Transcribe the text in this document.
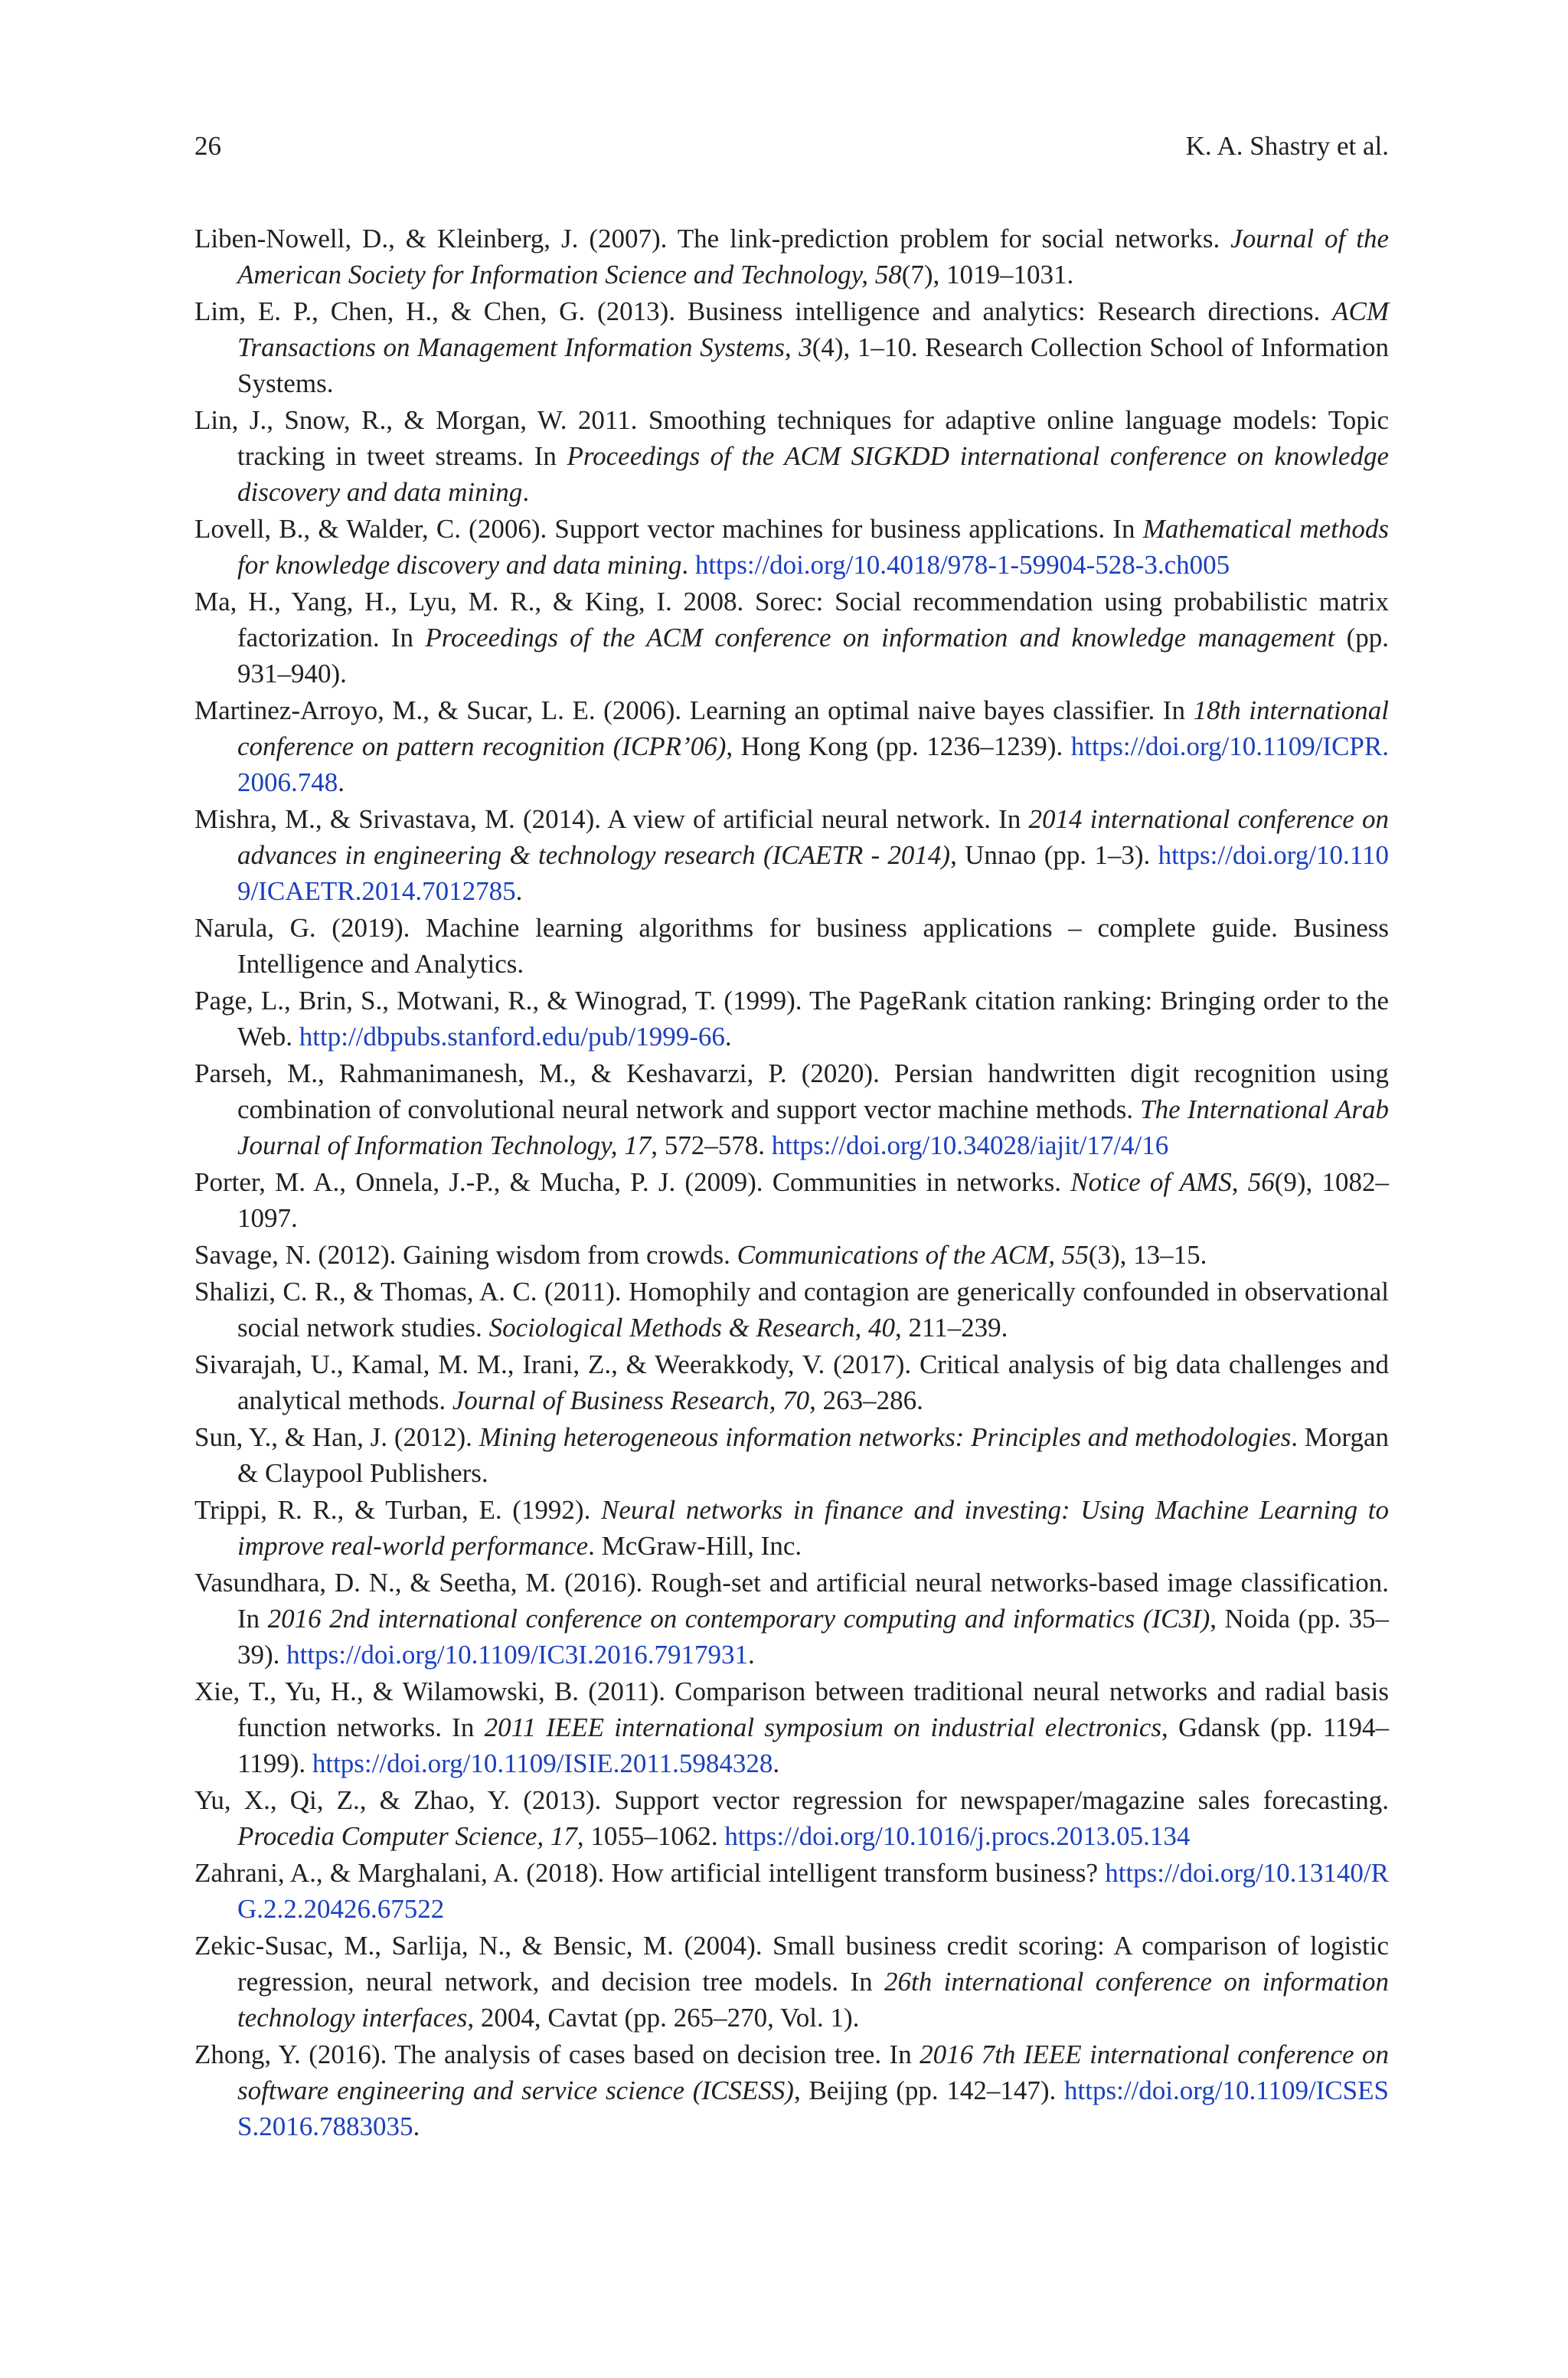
26	K. A. Shastry et al.

Liben-Nowell, D., & Kleinberg, J. (2007). The link-prediction problem for social networks. Journal of the American Society for Information Science and Technology, 58(7), 1019–1031.

Lim, E. P., Chen, H., & Chen, G. (2013). Business intelligence and analytics: Research directions. ACM Transactions on Management Information Systems, 3(4), 1–10. Research Collection School of Information Systems.

Lin, J., Snow, R., & Morgan, W. 2011. Smoothing techniques for adaptive online language models: Topic tracking in tweet streams. In Proceedings of the ACM SIGKDD international conference on knowledge discovery and data mining.

Lovell, B., & Walder, C. (2006). Support vector machines for business applications. In Mathematical methods for knowledge discovery and data mining. https://doi.org/10.4018/978-1-59904-528-3.ch005

Ma, H., Yang, H., Lyu, M. R., & King, I. 2008. Sorec: Social recommendation using probabilistic matrix factorization. In Proceedings of the ACM conference on information and knowledge management (pp. 931–940).

Martinez-Arroyo, M., & Sucar, L. E. (2006). Learning an optimal naive bayes classifier. In 18th international conference on pattern recognition (ICPR’06), Hong Kong (pp. 1236–1239). https://doi.org/10.1109/ICPR.2006.748.

Mishra, M., & Srivastava, M. (2014). A view of artificial neural network. In 2014 international conference on advances in engineering & technology research (ICAETR - 2014), Unnao (pp. 1–3). https://doi.org/10.1109/ICAETR.2014.7012785.

Narula, G. (2019). Machine learning algorithms for business applications – complete guide. Business Intelligence and Analytics.

Page, L., Brin, S., Motwani, R., & Winograd, T. (1999). The PageRank citation ranking: Bringing order to the Web. http://dbpubs.stanford.edu/pub/1999-66.

Parseh, M., Rahmanimanesh, M., & Keshavarzi, P. (2020). Persian handwritten digit recognition using combination of convolutional neural network and support vector machine methods. The International Arab Journal of Information Technology, 17, 572–578. https://doi.org/10.34028/iajit/17/4/16

Porter, M. A., Onnela, J.-P., & Mucha, P. J. (2009). Communities in networks. Notice of AMS, 56(9), 1082–1097.

Savage, N. (2012). Gaining wisdom from crowds. Communications of the ACM, 55(3), 13–15.

Shalizi, C. R., & Thomas, A. C. (2011). Homophily and contagion are generically confounded in observational social network studies. Sociological Methods & Research, 40, 211–239.

Sivarajah, U., Kamal, M. M., Irani, Z., & Weerakkody, V. (2017). Critical analysis of big data challenges and analytical methods. Journal of Business Research, 70, 263–286.

Sun, Y., & Han, J. (2012). Mining heterogeneous information networks: Principles and methodologies. Morgan & Claypool Publishers.

Trippi, R. R., & Turban, E. (1992). Neural networks in finance and investing: Using Machine Learning to improve real-world performance. McGraw-Hill, Inc.

Vasundhara, D. N., & Seetha, M. (2016). Rough-set and artificial neural networks-based image classification. In 2016 2nd international conference on contemporary computing and informatics (IC3I), Noida (pp. 35–39). https://doi.org/10.1109/IC3I.2016.7917931.

Xie, T., Yu, H., & Wilamowski, B. (2011). Comparison between traditional neural networks and radial basis function networks. In 2011 IEEE international symposium on industrial electronics, Gdansk (pp. 1194–1199). https://doi.org/10.1109/ISIE.2011.5984328.

Yu, X., Qi, Z., & Zhao, Y. (2013). Support vector regression for newspaper/magazine sales forecasting. Procedia Computer Science, 17, 1055–1062. https://doi.org/10.1016/j.procs.2013.05.134

Zahrani, A., & Marghalani, A. (2018). How artificial intelligent transform business? https://doi.org/10.13140/RG.2.2.20426.67522

Zekic-Susac, M., Sarlija, N., & Bensic, M. (2004). Small business credit scoring: A comparison of logistic regression, neural network, and decision tree models. In 26th international conference on information technology interfaces, 2004, Cavtat (pp. 265–270, Vol. 1).

Zhong, Y. (2016). The analysis of cases based on decision tree. In 2016 7th IEEE international conference on software engineering and service science (ICSESS), Beijing (pp. 142–147). https://doi.org/10.1109/ICSESS.2016.7883035.
